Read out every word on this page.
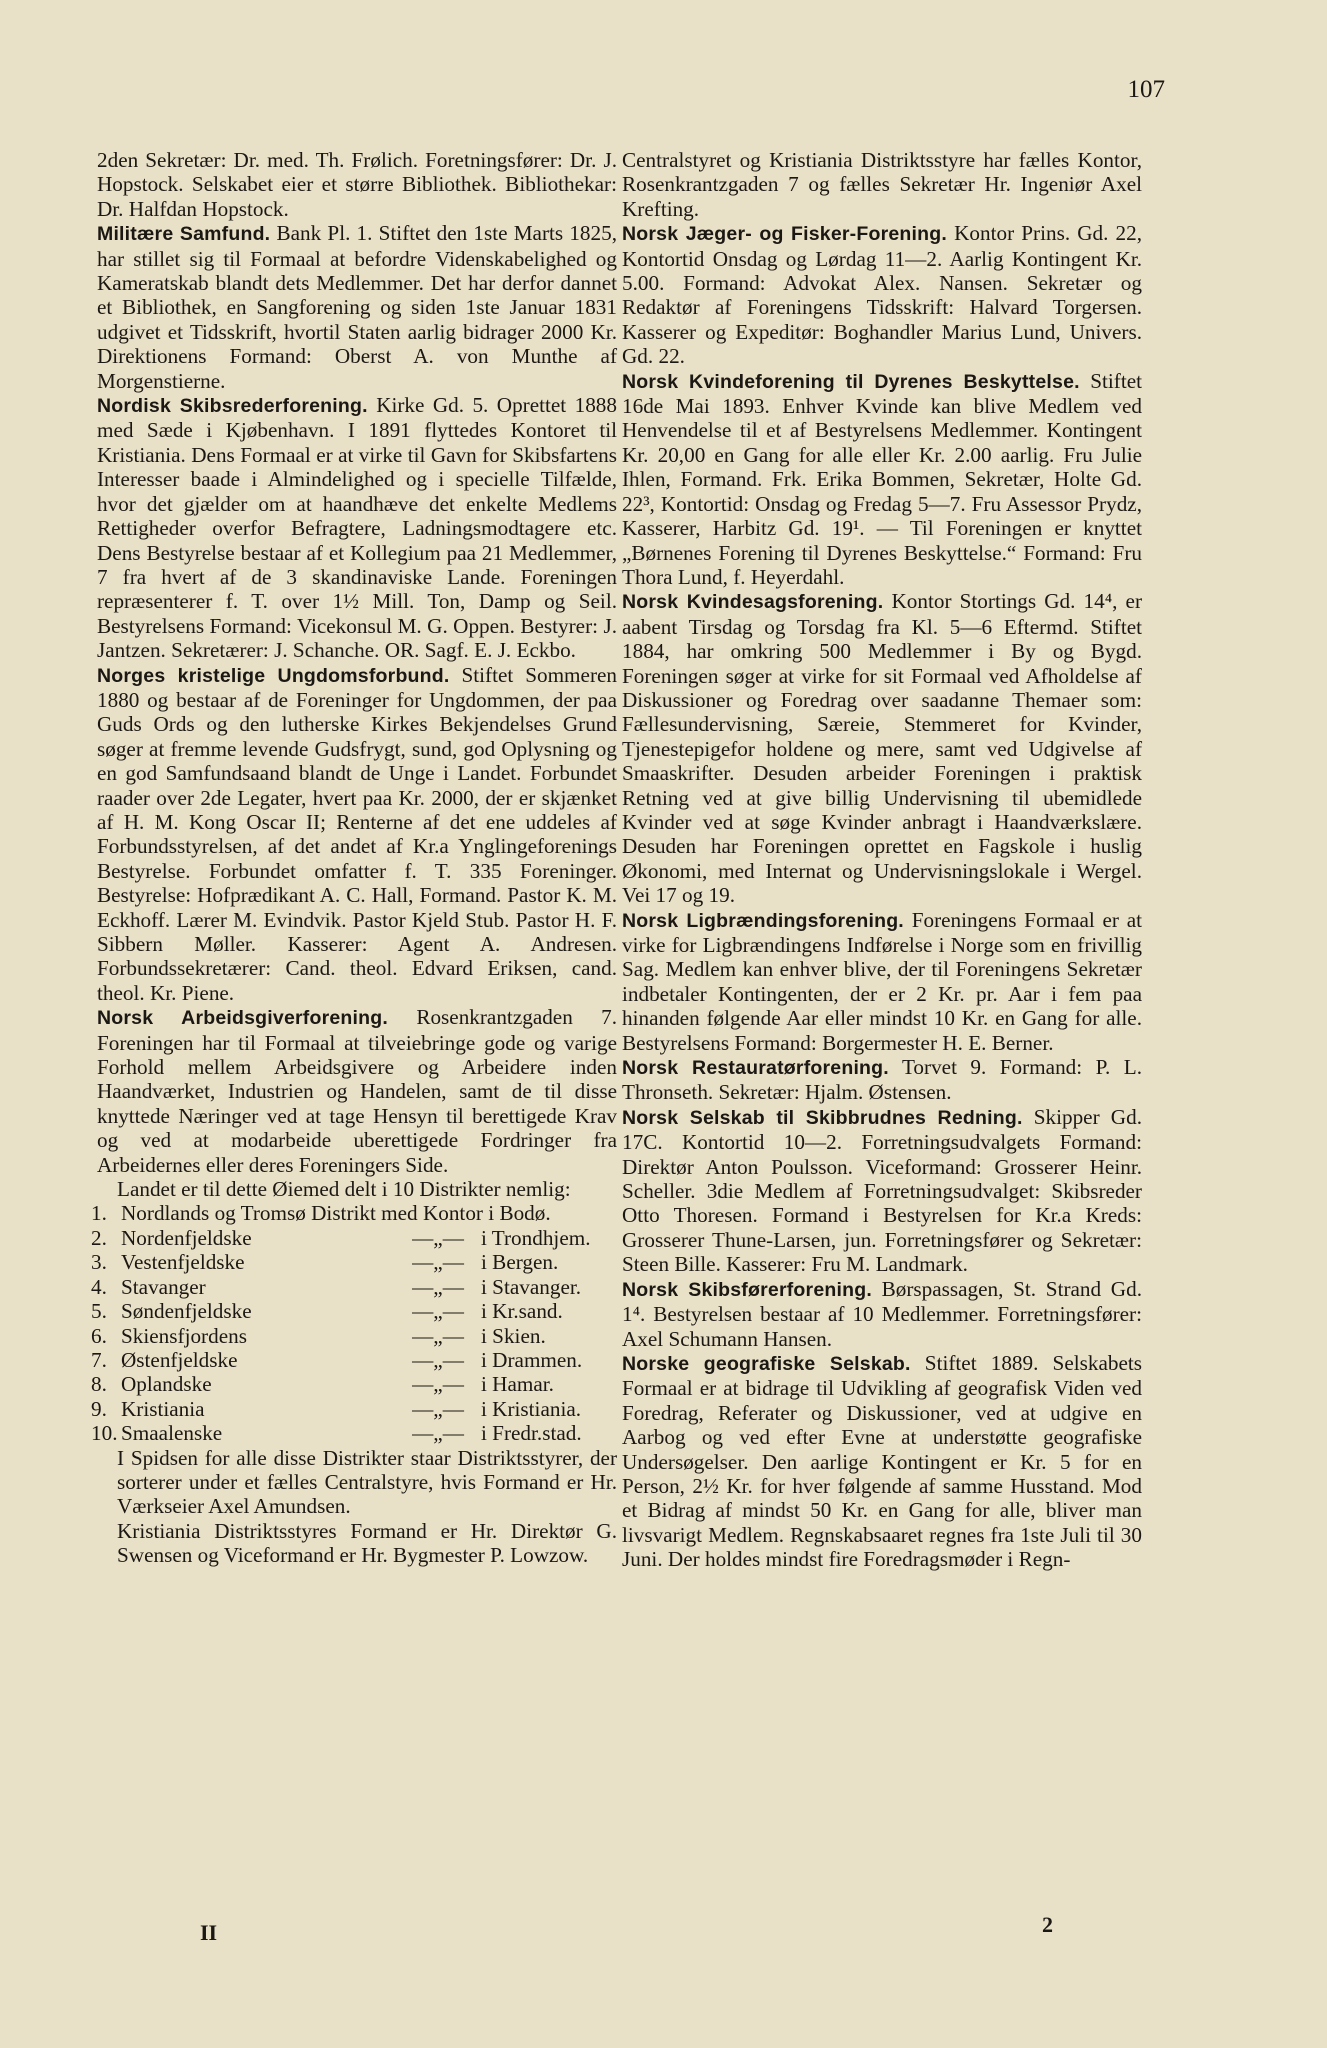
107

2den Sekretær: Dr. med. Th. Frølich. Foretningsfører: Dr. J. Hopstock. Selskabet eier et større Bibliothek. Bibliothekar: Dr. Halfdan Hopstock.

Militære Samfund. Bank Pl. 1. Stiftet den 1ste Marts 1825, har stillet sig til Formaal at befordre Videnskabelighed og Kameratskab blandt dets Medlemmer. Det har derfor dannet et Bibliothek, en Sangforening og siden 1ste Januar 1831 udgivet et Tidsskrift, hvortil Staten aarlig bidrager 2000 Kr. Direktionens Formand: Oberst A. von Munthe af Morgenstierne.

Nordisk Skibsrederforening. Kirke Gd. 5. Oprettet 1888 med Sæde i Kjøbenhavn. I 1891 flyttedes Kontoret til Kristiania. Dens Formaal er at virke til Gavn for Skibsfartens Interesser baade i Almindelighed og i specielle Tilfælde, hvor det gjælder om at haandhæve det enkelte Medlems Rettigheder overfor Befragtere, Ladningsmodtagere etc. Dens Bestyrelse bestaar af et Kollegium paa 21 Medlemmer, 7 fra hvert af de 3 skandinaviske Lande. Foreningen repræsenterer f. T. over 1½ Mill. Ton, Damp og Seil. Bestyrelsens Formand: Vicekonsul M. G. Oppen. Bestyrer: J. Jantzen. Sekretærer: J. Schanche. OR. Sagf. E. J. Eckbo.

Norges kristelige Ungdomsforbund. Stiftet Sommeren 1880 og bestaar af de Foreninger for Ungdommen, der paa Guds Ords og den lutherske Kirkes Bekjendelses Grund søger at fremme levende Gudsfrygt, sund, god Oplysning og en god Samfundsaand blandt de Unge i Landet. Forbundet raader over 2de Legater, hvert paa Kr. 2000, der er skjænket af H. M. Kong Oscar II; Renterne af det ene uddeles af Forbundsstyrelsen, af det andet af Kr.a Ynglingeforenings Bestyrelse. Forbundet omfatter f. T. 335 Foreninger. Bestyrelse: Hofprædikant A. C. Hall, Formand. Pastor K. M. Eckhoff. Lærer M. Evindvik. Pastor Kjeld Stub. Pastor H. F. Sibbern Møller. Kasserer: Agent A. Andresen. Forbundssekretærer: Cand. theol. Edvard Eriksen, cand. theol. Kr. Piene.

Norsk Arbeidsgiverforening. Rosenkrantzgaden 7. Foreningen har til Formaal at tilveiebringe gode og varige Forhold mellem Arbeidsgivere og Arbeidere inden Haandværket, Industrien og Handelen, samt de til disse knyttede Næringer ved at tage Hensyn til berettigede Krav og ved at modarbeide uberettigede Fordringer fra Arbeidernes eller deres Foreningers Side.

Landet er til dette Øiemed delt i 10 Distrikter nemlig:

1. Nordlands og Tromsø Distrikt med Kontor i Bodø.
2. Nordenfjeldske	—„— i Trondhjem.
3. Vestenfjeldske	—„— i Bergen.
4. Stavanger	—„— i Stavanger.
5. Søndenfjeldske	—„— i Kr.sand.
6. Skiensfjordens	—„— i Skien.
7. Østenfjeldske	—„— i Drammen.
8. Oplandske	—„— i Hamar.
9. Kristiania	—„— i Kristiania.
10. Smaalenske	—„— i Fredr.stad.

I Spidsen for alle disse Distrikter staar Distriktsstyrer, der sorterer under et fælles Centralstyre, hvis Formand er Hr. Værkseier Axel Amundsen.

Kristiania Distriktsstyres Formand er Hr. Direktør G. Swensen og Viceformand er Hr. Bygmester P. Lowzow.

Centralstyret og Kristiania Distriktsstyre har fælles Kontor, Rosenkrantzgaden 7 og fælles Sekretær Hr. Ingeniør Axel Krefting.

Norsk Jæger- og Fisker-Forening. Kontor Prins. Gd. 22, Kontortid Onsdag og Lørdag 11—2. Aarlig Kontingent Kr. 5.00. Formand: Advokat Alex. Nansen. Sekretær og Redaktør af Foreningens Tidsskrift: Halvard Torgersen. Kasserer og Expeditør: Boghandler Marius Lund, Univers. Gd. 22.

Norsk Kvindeforening til Dyrenes Beskyttelse. Stiftet 16de Mai 1893. Enhver Kvinde kan blive Medlem ved Henvendelse til et af Bestyrelsens Medlemmer. Kontingent Kr. 20,00 en Gang for alle eller Kr. 2.00 aarlig. Fru Julie Ihlen, Formand. Frk. Erika Bommen, Sekretær, Holte Gd. 22³, Kontortid: Onsdag og Fredag 5—7. Fru Assessor Prydz, Kasserer, Harbitz Gd. 19¹. — Til Foreningen er knyttet „Børnenes Forening til Dyrenes Beskyttelse.“ Formand: Fru Thora Lund, f. Heyerdahl.

Norsk Kvindesagsforening. Kontor Stortings Gd. 14⁴, er aabent Tirsdag og Torsdag fra Kl. 5—6 Eftermd. Stiftet 1884, har omkring 500 Medlemmer i By og Bygd. Foreningen søger at virke for sit Formaal ved Afholdelse af Diskussioner og Foredrag over saadanne Themaer som: Fællesundervisning, Særeie, Stemmeret for Kvinder, Tjenestepigefor holdene og mere, samt ved Udgivelse af Smaaskrifter. Desuden arbeider Foreningen i praktisk Retning ved at give billig Undervisning til ubemidlede Kvinder ved at søge Kvinder anbragt i Haandværkslære. Desuden har Foreningen oprettet en Fagskole i huslig Økonomi, med Internat og Undervisningslokale i Wergel. Vei 17 og 19.

Norsk Ligbrændingsforening. Foreningens Formaal er at virke for Ligbrændingens Indførelse i Norge som en frivillig Sag. Medlem kan enhver blive, der til Foreningens Sekretær indbetaler Kontingenten, der er 2 Kr. pr. Aar i fem paa hinanden følgende Aar eller mindst 10 Kr. en Gang for alle. Bestyrelsens Formand: Borgermester H. E. Berner.

Norsk Restauratørforening. Torvet 9. Formand: P. L. Thronseth. Sekretær: Hjalm. Østensen.

Norsk Selskab til Skibbrudnes Redning. Skipper Gd. 17C. Kontortid 10—2. Forretningsudvalgets Formand: Direktør Anton Poulsson. Viceformand: Grosserer Heinr. Scheller. 3die Medlem af Forretningsudvalget: Skibsreder Otto Thoresen. Formand i Bestyrelsen for Kr.a Kreds: Grosserer Thune-Larsen, jun. Forretningsfører og Sekretær: Steen Bille. Kasserer: Fru M. Landmark.

Norsk Skibsførerforening. Børspassagen, St. Strand Gd. 1⁴. Bestyrelsen bestaar af 10 Medlemmer. Forretningsfører: Axel Schumann Hansen.

Norske geografiske Selskab. Stiftet 1889. Selskabets Formaal er at bidrage til Udvikling af geografisk Viden ved Foredrag, Referater og Diskussioner, ved at udgive en Aarbog og ved efter Evne at understøtte geografiske Undersøgelser. Den aarlige Kontingent er Kr. 5 for en Person, 2½ Kr. for hver følgende af samme Husstand. Mod et Bidrag af mindst 50 Kr. en Gang for alle, bliver man livsvarigt Medlem. Regnskabsaaret regnes fra 1ste Juli til 30 Juni. Der holdes mindst fire Foredragsmøder i Regn-

II	2
